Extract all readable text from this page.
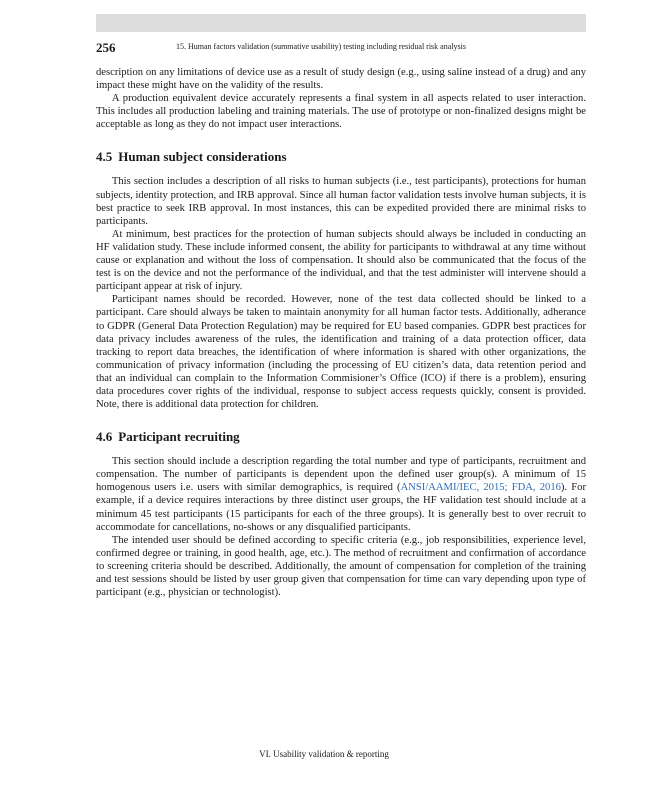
256	15. Human factors validation (summative usability) testing including residual risk analysis

description on any limitations of device use as a result of study design (e.g., using saline instead of a drug) and any impact these might have on the validity of the results.

A production equivalent device accurately represents a final system in all aspects related to user interaction. This includes all production labeling and training materials. The use of prototype or non-finalized designs might be acceptable as long as they do not impact user interactions.

4.5 Human subject considerations

This section includes a description of all risks to human subjects (i.e., test participants), protections for human subjects, identity protection, and IRB approval. Since all human factor validation tests involve human subjects, it is best practice to seek IRB approval. In most instances, this can be expedited provided there are minimal risks to participants.

At minimum, best practices for the protection of human subjects should always be included in conducting an HF validation study. These include informed consent, the ability for participants to withdrawal at any time without cause or explanation and without the loss of compensation. It should also be communicated that the focus of the test is on the device and not the performance of the individual, and that the test administer will intervene should a participant appear at risk of injury.

Participant names should be recorded. However, none of the test data collected should be linked to a participant. Care should always be taken to maintain anonymity for all human factor tests. Additionally, adherance to GDPR (General Data Protection Regulation) may be required for EU based companies. GDPR best practices for data privacy includes awareness of the rules, the identification and training of a data protection officer, data tracking to report data breaches, the identification of where information is shared with other organizations, the communication of privacy information (including the processing of EU citizen’s data, data retention period and that an individual can complain to the Information Commisioner’s Office (ICO) if there is a problem), ensuring data procedures cover rights of the individual, response to subject access requests quickly, consent is provided. Note, there is additional data protection for children.

4.6 Participant recruiting

This section should include a description regarding the total number and type of participants, recruitment and compensation. The number of participants is dependent upon the defined user group(s). A minimum of 15 homogenous users i.e. users with similar demographics, is required (ANSI/AAMI/IEC, 2015; FDA, 2016). For example, if a device requires interactions by three distinct user groups, the HF validation test should include at a minimum 45 test participants (15 participants for each of the three groups). It is generally best to over recruit to accommodate for cancellations, no-shows or any disqualified participants.

The intended user should be defined according to specific criteria (e.g., job responsibilities, experience level, confirmed degree or training, in good health, age, etc.). The method of recruitment and confirmation of accordance to screening criteria should be described. Additionally, the amount of compensation for completion of the training and test sessions should be listed by user group given that compensation for time can vary depending upon type of participant (e.g., physician or technologist).

VI. Usability validation & reporting
